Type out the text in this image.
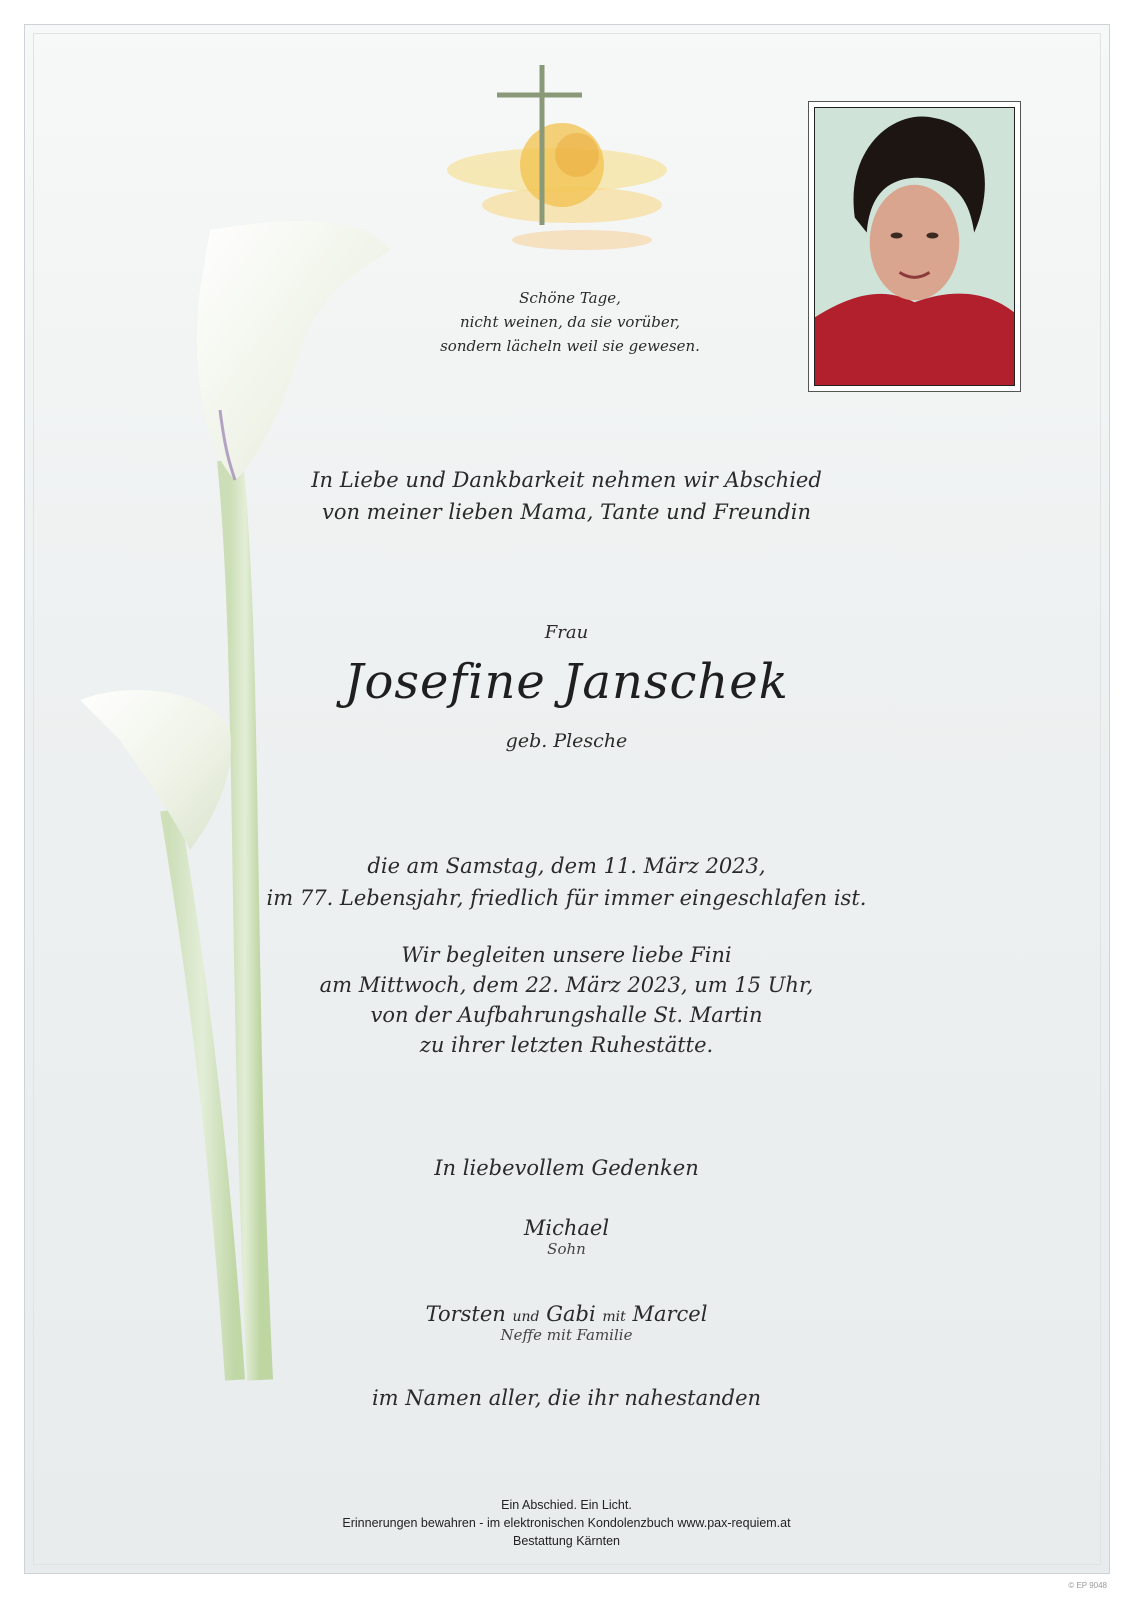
Schöne Tage,
nicht weinen, da sie vorüber,
sondern lächeln weil sie gewesen.
In Liebe und Dankbarkeit nehmen wir Abschied
von meiner lieben Mama, Tante und Freundin
Frau
Josefine Janschek
geb. Plesche
die am Samstag, dem 11. März 2023,
im 77. Lebensjahr, friedlich für immer eingeschlafen ist.
Wir begleiten unsere liebe Fini
am Mittwoch, dem 22. März 2023, um 15 Uhr,
von der Aufbahrungshalle St. Martin
zu ihrer letzten Ruhestätte.
In liebevollem Gedenken
Michael
Sohn
Torsten und Gabi mit Marcel
Neffe mit Familie
im Namen aller, die ihr nahestanden
Ein Abschied. Ein Licht.
Erinnerungen bewahren - im elektronischen Kondolenzbuch www.pax-requiem.at
Bestattung Kärnten
© EP 9048
